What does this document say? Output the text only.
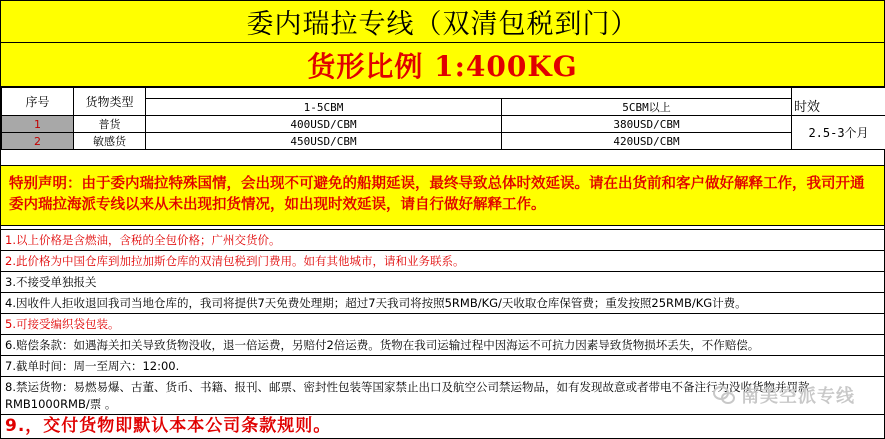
委内瑞拉专线（双清包税到门）
货形比例 1:400KG
序号	货物类型			时效
		1-5CBM	5CBM以上	
1	普货	400USD/CBM	380USD/CBM	2.5-3个月
2	敏感货	450USD/CBM	420USD/CBM	
特别声明：由于委内瑞拉特殊国情，会出现不可避免的船期延误，最终导致总体时效延误。请在出货前和客户做好解释工作，我司开通委内瑞拉海派专线以来从未出现扣货情况，如出现时效延误，请自行做好解释工作。
1.以上价格是含燃油，含税的全包价格；广州交货价。
2.此价格为中国仓库到加拉加斯仓库的双清包税到门费用。如有其他城市，请和业务联系。
3.不接受单独报关
4.因收件人拒收退回我司当地仓库的，我司将提供7天免费处理期；超过7天我司将按照5RMB/KG/天收取仓库保管费；重发按照25RMB/KG计费。
5.可接受编织袋包装。
6.赔偿条款：如遇海关扣关导致货物没收，退一倍运费，另赔付2倍运费。货物在我司运输过程中因海运不可抗力因素导致货物损坏丢失，不作赔偿。
7.截单时间：周一至周六：12:00.
8.禁运货物：易燃易爆、古董、货币、书籍、报刊、邮票、密封性包装等国家禁止出口及航空公司禁运物品，如有发现故意或者带电不备注行为没收货物并罚款RMB1000RMB/票 。
9.，交付货物即默认本本公司条款规则。
南美空派专线
